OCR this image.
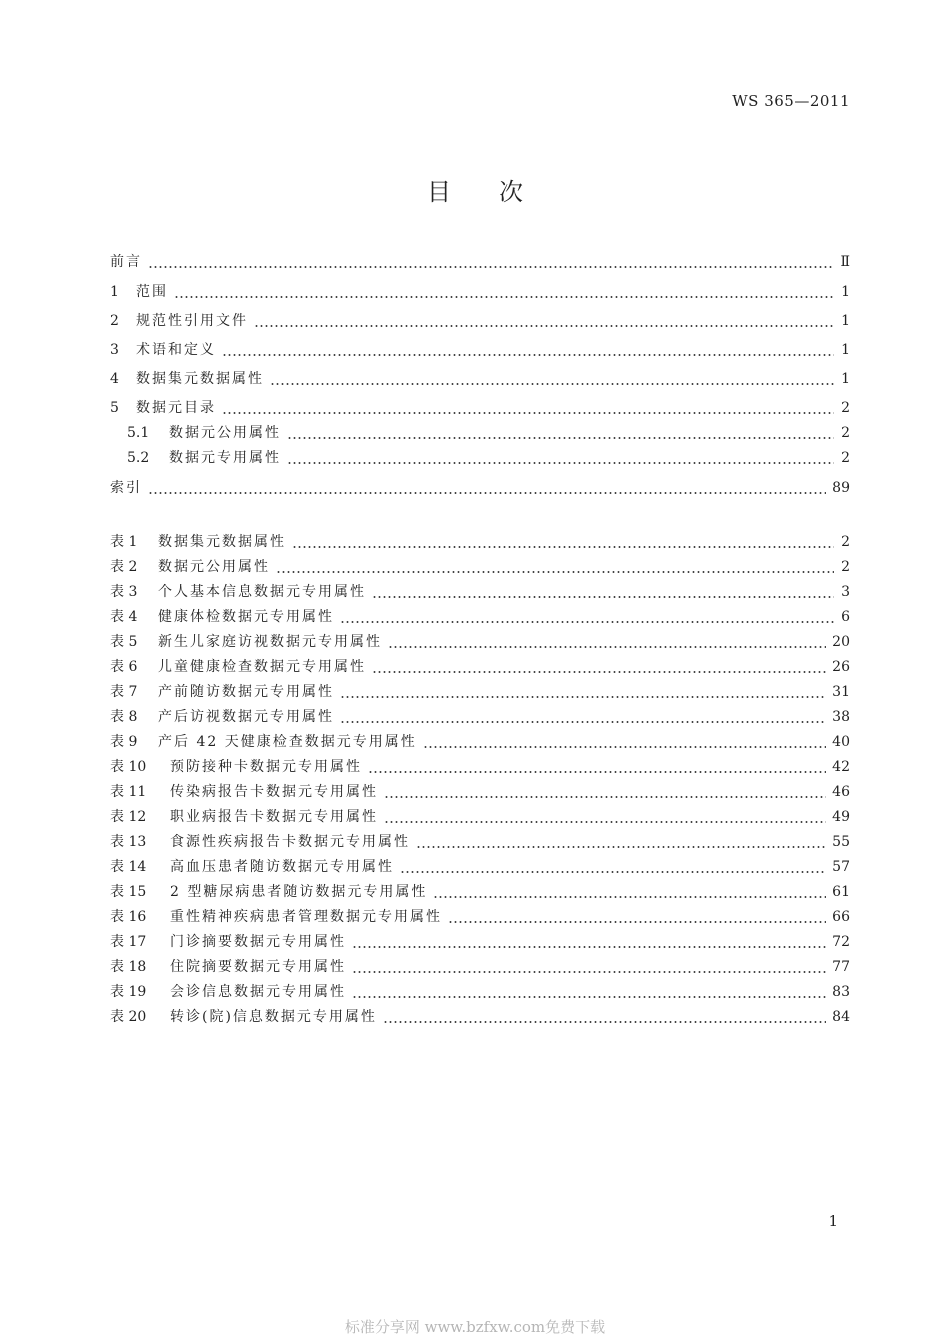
WS 365—2011
目次
前言	Ⅱ
1	范围	1
2	规范性引用文件	1
3	术语和定义	1
4	数据集元数据属性	1
5	数据元目录	2
5.1	数据元公用属性	2
5.2	数据元专用属性	2
索引	89
表 1	数据集元数据属性	2
表 2	数据元公用属性	2
表 3	个人基本信息数据元专用属性	3
表 4	健康体检数据元专用属性	6
表 5	新生儿家庭访视数据元专用属性	20
表 6	儿童健康检查数据元专用属性	26
表 7	产前随访数据元专用属性	31
表 8	产后访视数据元专用属性	38
表 9	产后 42 天健康检查数据元专用属性	40
表 10	预防接种卡数据元专用属性	42
表 11	传染病报告卡数据元专用属性	46
表 12	职业病报告卡数据元专用属性	49
表 13	食源性疾病报告卡数据元专用属性	55
表 14	高血压患者随访数据元专用属性	57
表 15	2 型糖尿病患者随访数据元专用属性	61
表 16	重性精神疾病患者管理数据元专用属性	66
表 17	门诊摘要数据元专用属性	72
表 18	住院摘要数据元专用属性	77
表 19	会诊信息数据元专用属性	83
表 20	转诊(院)信息数据元专用属性	84
1
标准分享网 www.bzfxw.com免费下载
